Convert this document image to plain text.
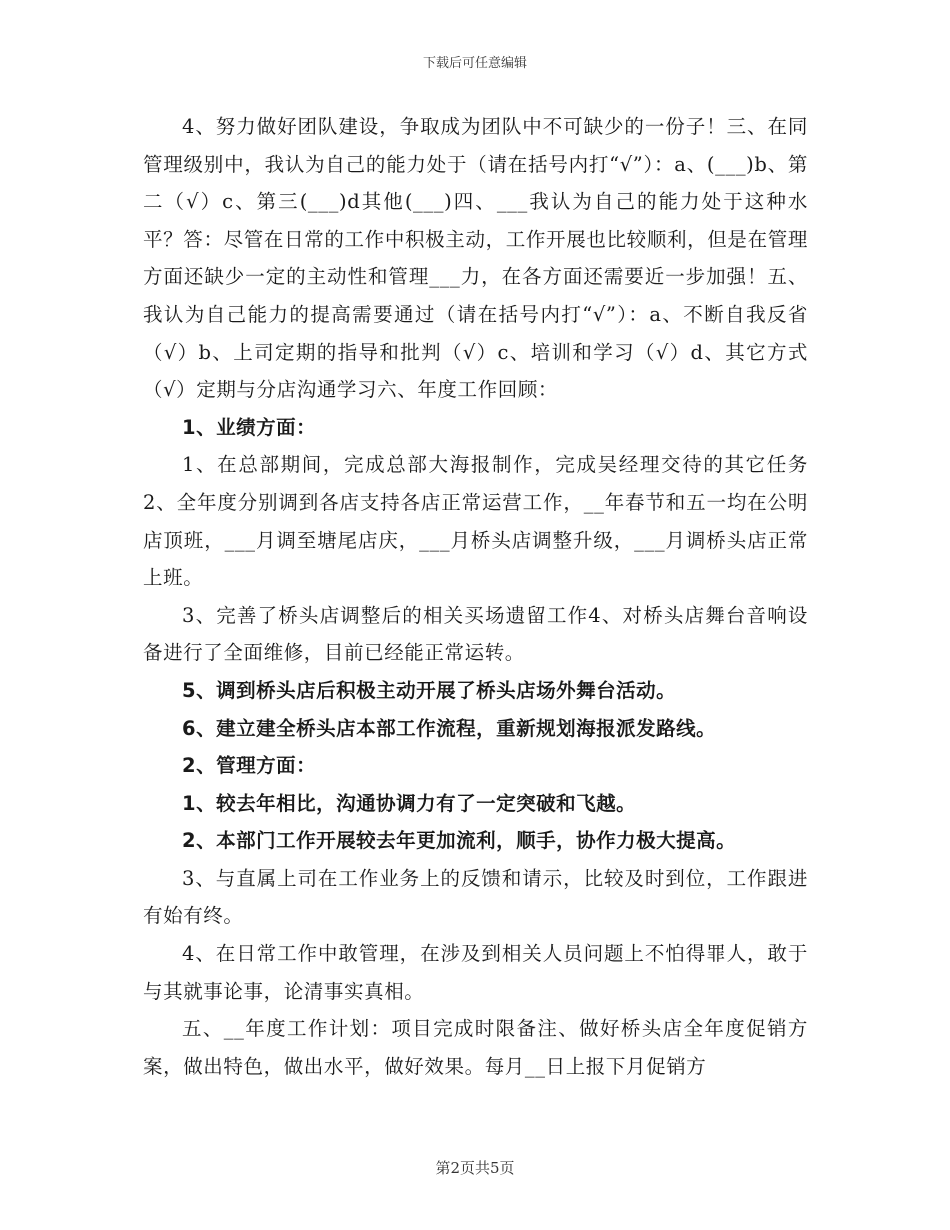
下载后可任意编辑

4、努力做好团队建设，争取成为团队中不可缺少的一份子！三、在同管理级别中，我认为自己的能力处于（请在括号内打“√”）：a、(___)b、第二（√）c、第三(___)d其他(___)四、___我认为自己的能力处于这种水平？答：尽管在日常的工作中积极主动，工作开展也比较顺利，但是在管理方面还缺少一定的主动性和管理___力，在各方面还需要近一步加强！五、我认为自己能力的提高需要通过（请在括号内打“√”）：a、不断自我反省（√）b、上司定期的指导和批判（√）c、培训和学习（√）d、其它方式（√）定期与分店沟通学习六、年度工作回顾：

1、业绩方面：

1、在总部期间，完成总部大海报制作，完成吴经理交待的其它任务2、全年度分别调到各店支持各店正常运营工作，__年春节和五一均在公明店顶班，___月调至塘尾店庆，___月桥头店调整升级，___月调桥头店正常上班。

3、完善了桥头店调整后的相关买场遗留工作4、对桥头店舞台音响设备进行了全面维修，目前已经能正常运转。

5、调到桥头店后积极主动开展了桥头店场外舞台活动。

6、建立建全桥头店本部工作流程，重新规划海报派发路线。

2、管理方面：

1、较去年相比，沟通协调力有了一定突破和飞越。

2、本部门工作开展较去年更加流利，顺手，协作力极大提高。

3、与直属上司在工作业务上的反馈和请示，比较及时到位，工作跟进有始有终。

4、在日常工作中敢管理，在涉及到相关人员问题上不怕得罪人，敢于与其就事论事，论清事实真相。

五、__年度工作计划：项目完成时限备注、做好桥头店全年度促销方案，做出特色，做出水平，做好效果。每月__日上报下月促销方

第2页共5页
